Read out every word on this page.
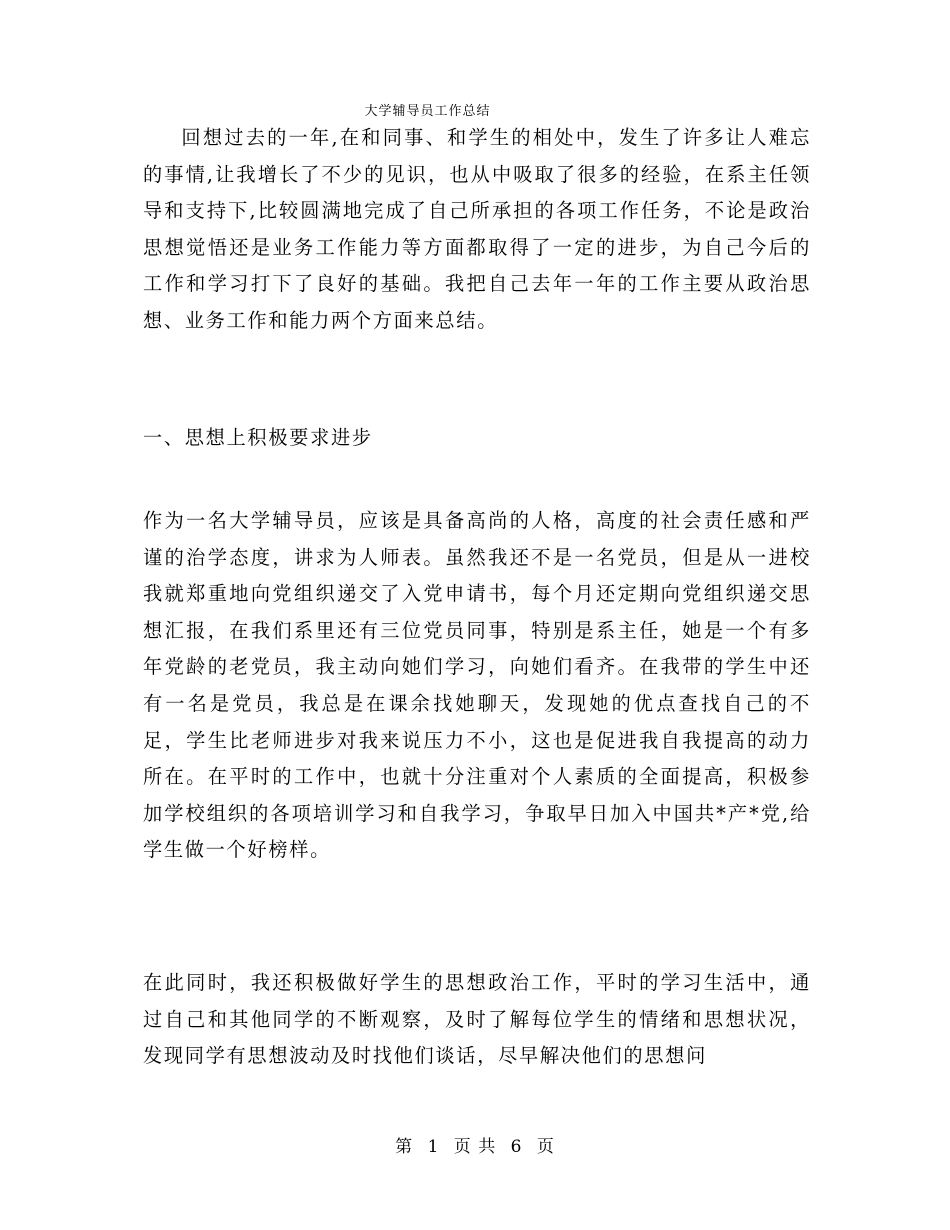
大学辅导员工作总结

回想过去的一年,在和同事、和学生的相处中，发生了许多让人难忘的事情,让我增长了不少的见识，也从中吸取了很多的经验，在系主任领导和支持下,比较圆满地完成了自己所承担的各项工作任务，不论是政治思想觉悟还是业务工作能力等方面都取得了一定的进步，为自己今后的工作和学习打下了良好的基础。我把自己去年一年的工作主要从政治思想、业务工作和能力两个方面来总结。

一、思想上积极要求进步

作为一名大学辅导员，应该是具备高尚的人格，高度的社会责任感和严谨的治学态度，讲求为人师表。虽然我还不是一名党员，但是从一进校我就郑重地向党组织递交了入党申请书，每个月还定期向党组织递交思想汇报，在我们系里还有三位党员同事，特别是系主任，她是一个有多年党龄的老党员，我主动向她们学习，向她们看齐。在我带的学生中还有一名是党员，我总是在课余找她聊天，发现她的优点查找自己的不足，学生比老师进步对我来说压力不小，这也是促进我自我提高的动力所在。在平时的工作中，也就十分注重对个人素质的全面提高，积极参加学校组织的各项培训学习和自我学习，争取早日加入中国共*产*党,给学生做一个好榜样。

在此同时，我还积极做好学生的思想政治工作，平时的学习生活中，通过自己和其他同学的不断观察，及时了解每位学生的情绪和思想状况，发现同学有思想波动及时找他们谈话，尽早解决他们的思想问

第 1 页 共 6 页
